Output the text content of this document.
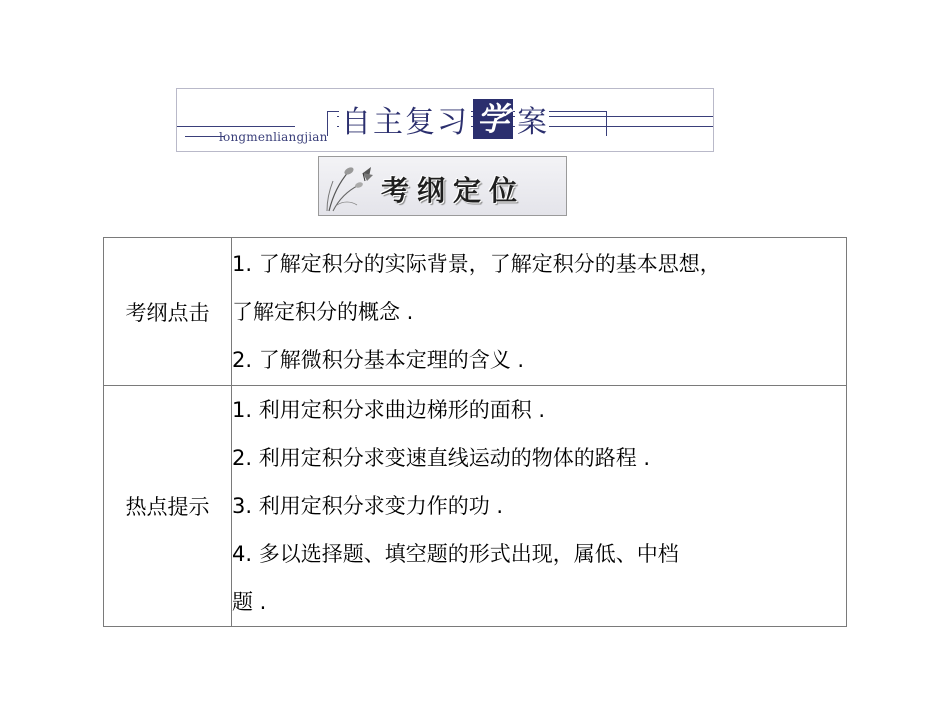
longmenliangjian 自主复习 学 案
考纲定位
考纲点击	1. 了解定积分的实际背景，了解定积分的基本思想，
了解定积分的概念 .
2. 了解微积分基本定理的含义 .

热点提示	1. 利用定积分求曲边梯形的面积 .
2. 利用定积分求变速直线运动的物体的路程 .
3. 利用定积分求变力作的功 .
4. 多以选择题、填空题的形式出现，属低、中档
题 .
